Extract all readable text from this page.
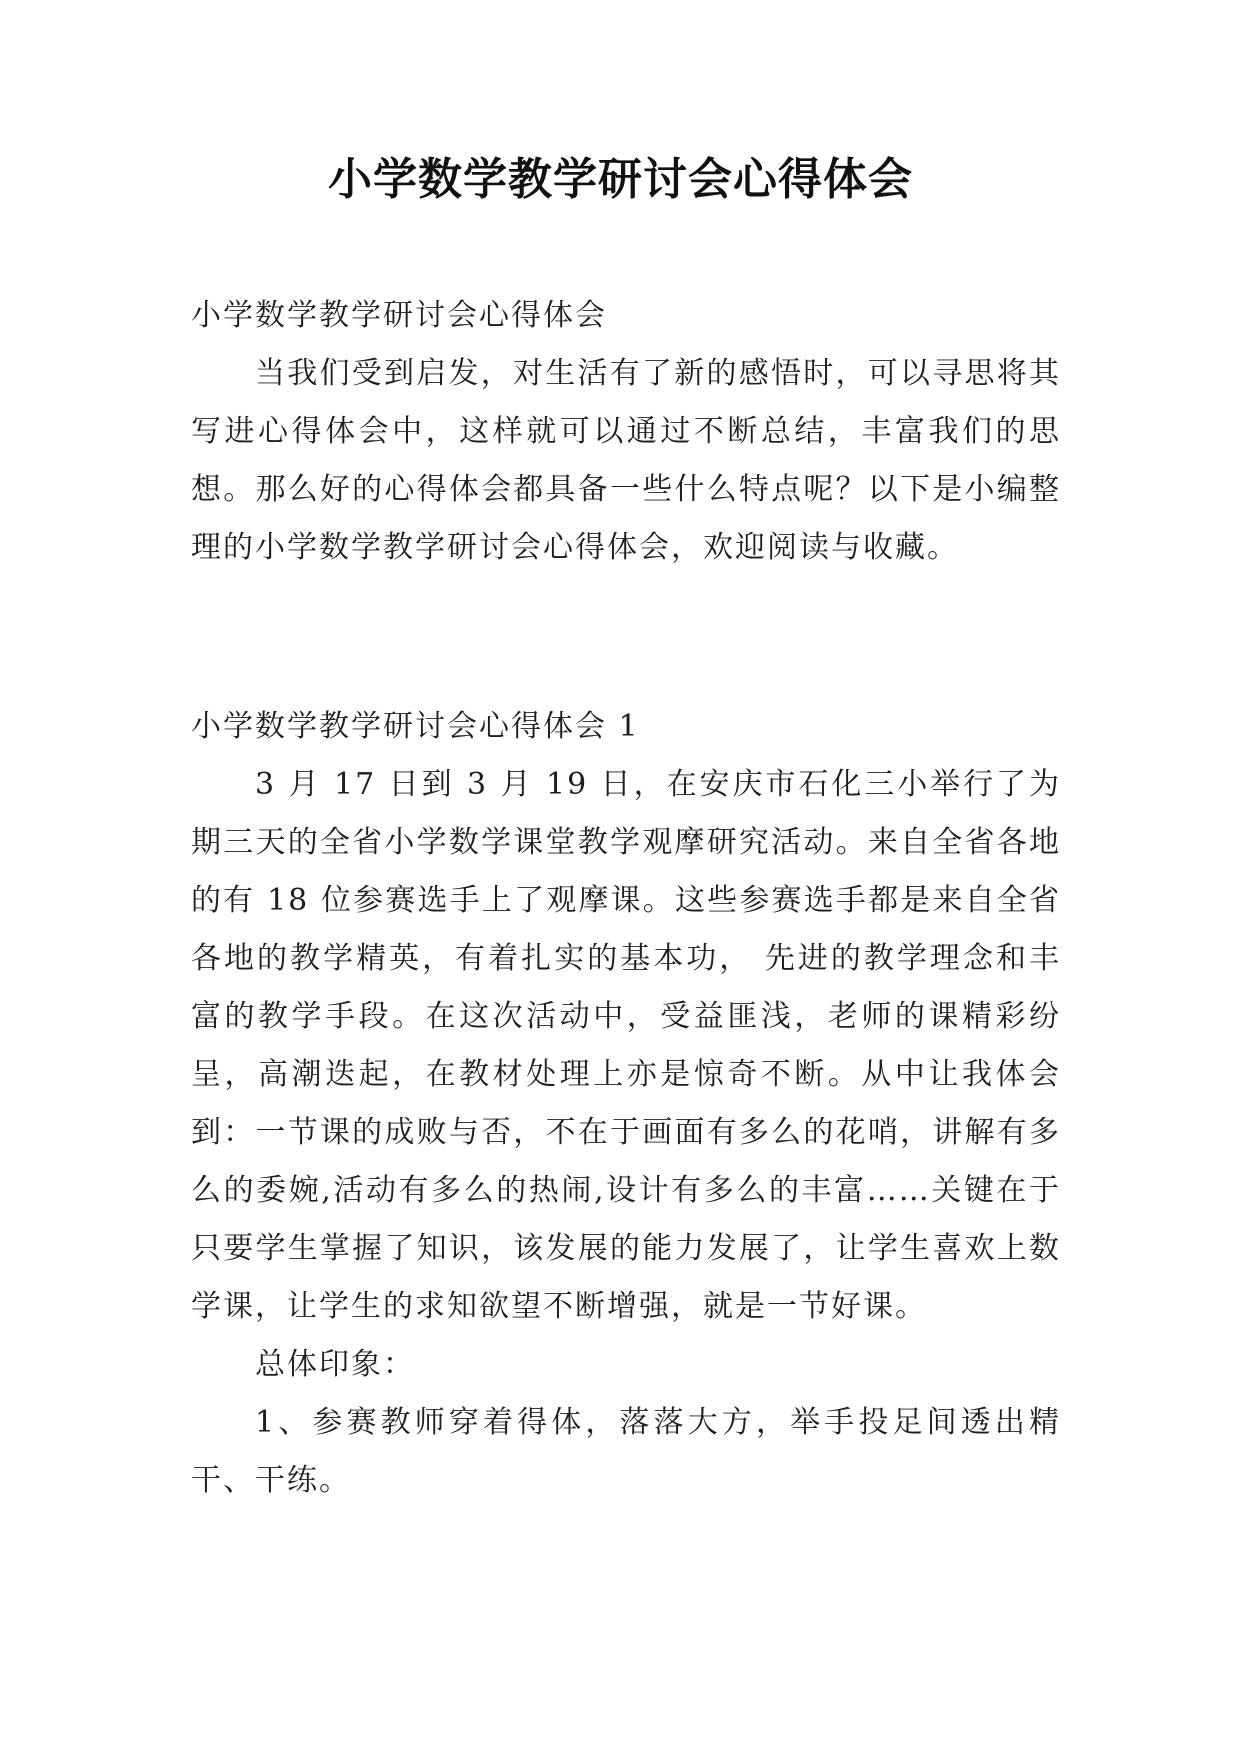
小学数学教学研讨会心得体会

小学数学教学研讨会心得体会

当我们受到启发，对生活有了新的感悟时，可以寻思将其写进心得体会中，这样就可以通过不断总结，丰富我们的思想。那么好的心得体会都具备一些什么特点呢？以下是小编整理的小学数学教学研讨会心得体会，欢迎阅读与收藏。

小学数学教学研讨会心得体会 1

3 月 17 日到 3 月 19 日，在安庆市石化三小举行了为期三天的全省小学数学课堂教学观摩研究活动。来自全省各地的有 18 位参赛选手上了观摩课。这些参赛选手都是来自全省各地的教学精英，有着扎实的基本功， 先进的教学理念和丰富的教学手段。在这次活动中，受益匪浅，老师的课精彩纷呈，高潮迭起，在教材处理上亦是惊奇不断。从中让我体会到：一节课的成败与否，不在于画面有多么的花哨，讲解有多么的委婉,活动有多么的热闹,设计有多么的丰富……关键在于只要学生掌握了知识，该发展的能力发展了，让学生喜欢上数学课，让学生的求知欲望不断增强，就是一节好课。

总体印象：

1、参赛教师穿着得体，落落大方，举手投足间透出精干、干练。
